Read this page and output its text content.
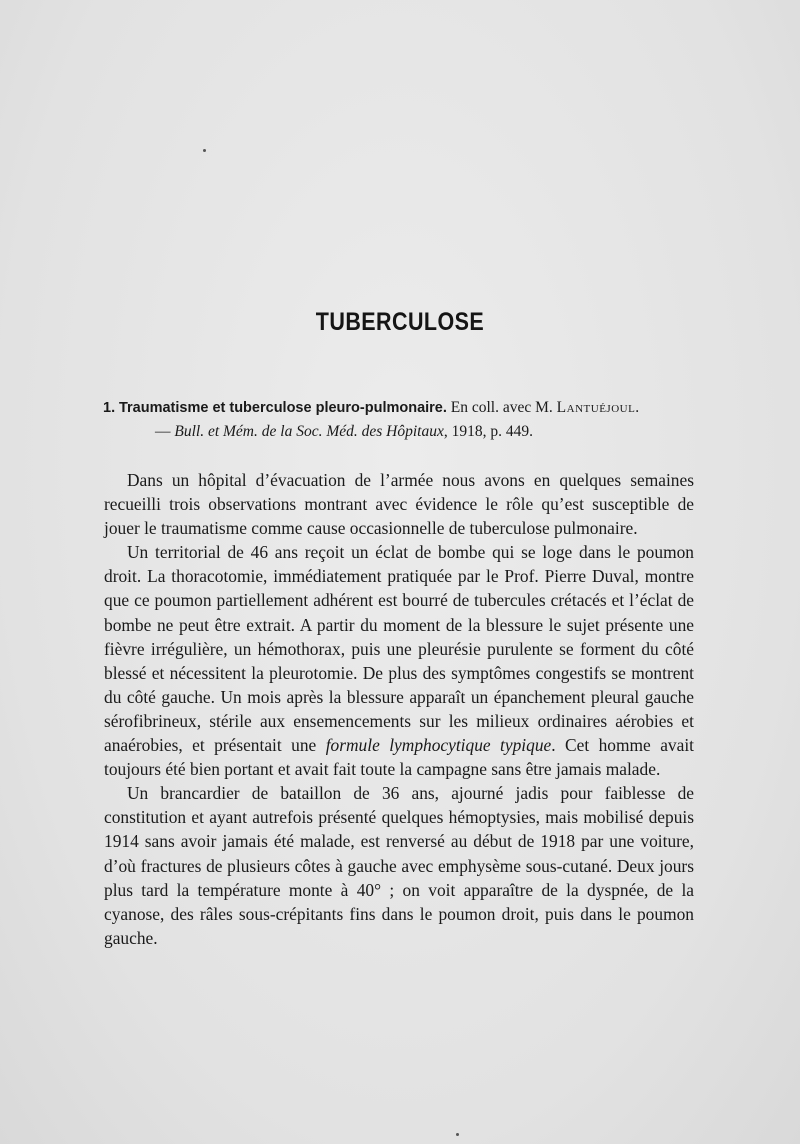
TUBERCULOSE
1. Traumatisme et tuberculose pleuro-pulmonaire. En coll. avec M. Lantuéjoul.
— Bull. et Mém. de la Soc. Méd. des Hôpitaux, 1918, p. 449.

Dans un hôpital d’évacuation de l’armée nous avons en quelques semaines recueilli trois observations montrant avec évidence le rôle qu’est susceptible de jouer le traumatisme comme cause occasionnelle de tuberculose pulmonaire.

Un territorial de 46 ans reçoit un éclat de bombe qui se loge dans le poumon droit. La thoracotomie, immédiatement pratiquée par le Prof. Pierre Duval, montre que ce poumon partiellement adhérent est bourré de tubercules crétacés et l’éclat de bombe ne peut être extrait. A partir du moment de la blessure le sujet présente une fièvre irrégulière, un hémothorax, puis une pleurésie purulente se forment du côté blessé et nécessitent la pleurotomie. De plus des symptômes congestifs se montrent du côté gauche. Un mois après la blessure apparaît un épanchement pleural gauche sérofibrineux, stérile aux ensemencements sur les milieux ordinaires aérobies et anaérobies, et présentait une formule lymphocytique typique. Cet homme avait toujours été bien portant et avait fait toute la campagne sans être jamais malade.

Un brancardier de bataillon de 36 ans, ajourné jadis pour faiblesse de constitution et ayant autrefois présenté quelques hémoptysies, mais mobilisé depuis 1914 sans avoir jamais été malade, est renversé au début de 1918 par une voiture, d’où fractures de plusieurs côtes à gauche avec emphysème sous-cutané. Deux jours plus tard la température monte à 40° ; on voit apparaître de la dyspnée, de la cyanose, des râles sous-crépitants fins dans le poumon droit, puis dans le poumon gauche.
